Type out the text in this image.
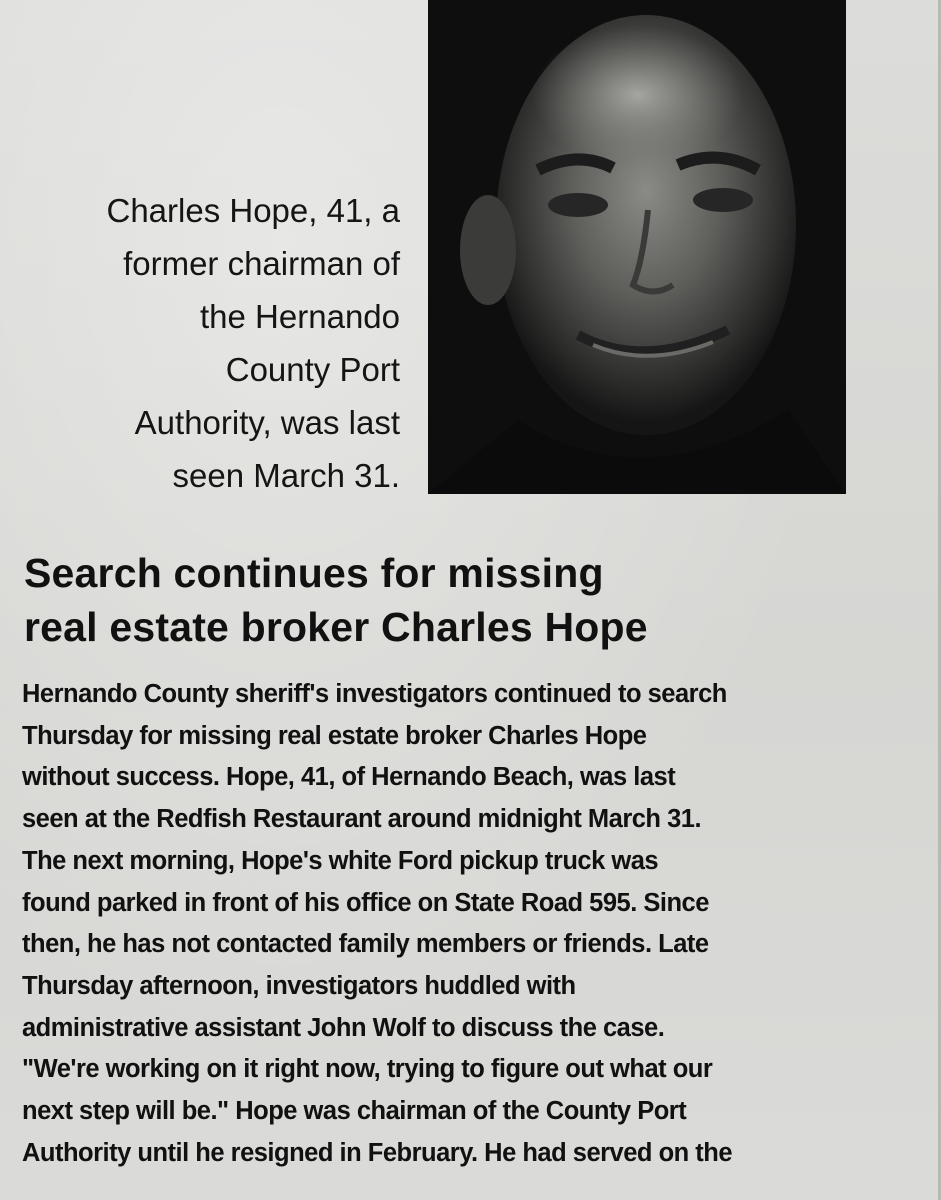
Charles Hope, 41, a
former chairman of
the Hernando
County Port
Authority, was last
seen March 31.
Search continues for missing
real estate broker Charles Hope
Hernando County sheriff's investigators continued to search
Thursday for missing real estate broker Charles Hope
without success. Hope, 41, of Hernando Beach, was last
seen at the Redfish Restaurant around midnight March 31.
The next morning, Hope's white Ford pickup truck was
found parked in front of his office on State Road 595. Since
then, he has not contacted family members or friends. Late
Thursday afternoon, investigators huddled with
administrative assistant John Wolf to discuss the case.
"We're working on it right now, trying to figure out what our
next step will be." Hope was chairman of the County Port
Authority until he resigned in February. He had served on the
